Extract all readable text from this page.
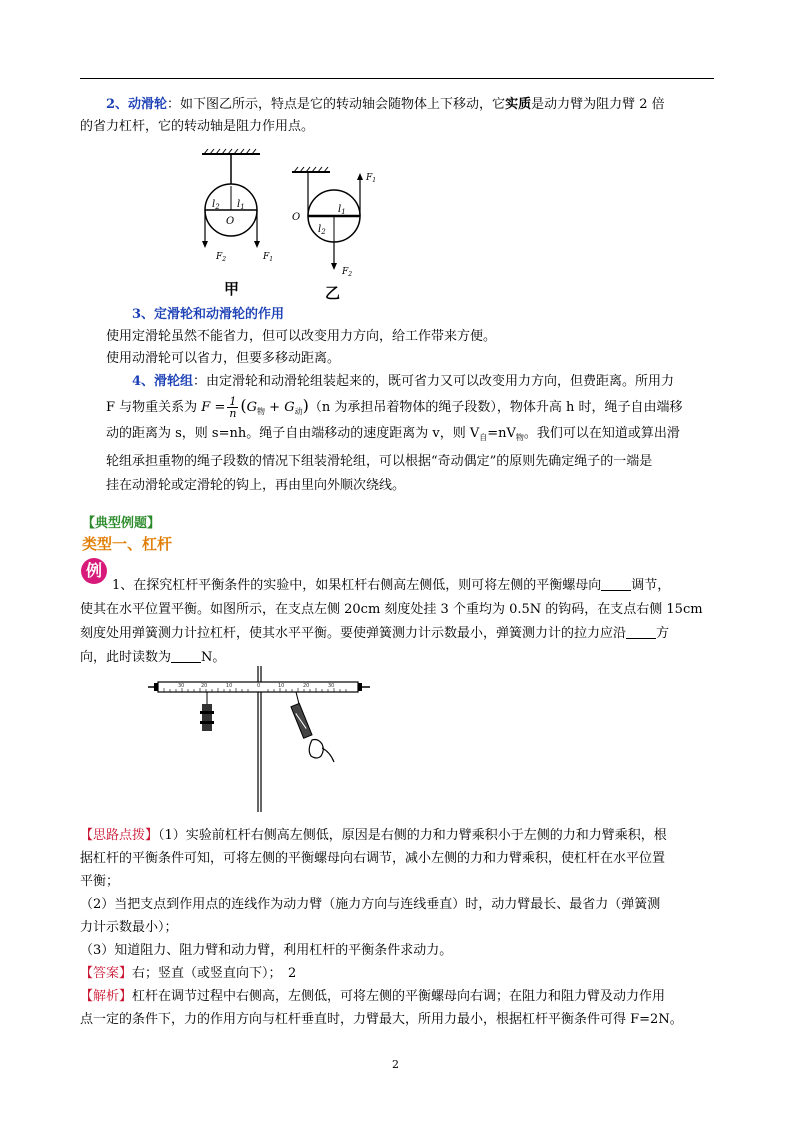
2、动滑轮：如下图乙所示，特点是它的转动轴会随物体上下移动，它实质是动力臂为阻力臂 2 倍
的省力杠杆，它的转动轴是阻力作用点。
$l_2$ $l_1$
O
$F_2$	$F_1$
甲
$F_1$
$l_1$
$l_2$
O
$F_2$
乙
3、定滑轮和动滑轮的作用
使用定滑轮虽然不能省力，但可以改变用力方向，给工作带来方便。
使用动滑轮可以省力，但要多移动距离。
4、滑轮组：由定滑轮和动滑轮组装起来的，既可省力又可以改变用力方向，但费距离。所用力
F 与物重关系为 $F = \frac{1}{n} (G_物 + G_动)(n$ 为承担吊着物体的绳子段数），物体升高 h 时，绳子自由端移
动的距离为 s，则 s=nh。绳子自由端移动的速度距离为 v，则 $V_自=nV_物$。我们可以在知道或算出滑
轮组承担重物的绳子段数的情况下组装滑轮组，可以根据“奇动偶定”的原则先确定绳子的一端是
挂在动滑轮或定滑轮的钩上，再由里向外顺次绕线。
【典型例题】
类型一、杠杆
例
1、在探究杠杆平衡条件的实验中，如果杠杆右侧高左侧低，则可将左侧的平衡螺母向 调节，
使其在水平位置平衡。如图所示，在支点左侧 20cm 刻度处挂 3 个重均为 0.5N 的钩码，在支点右侧 15cm
刻度处用弹簧测力计拉杠杆，使其水平平衡。要使弹簧测力计示数最小，弹簧测力计的拉力应沿 方
向，此时读数为 N。
30	20	10	0	10	20	30
【思路点拨】（1）实验前杠杆右侧高左侧低，原因是右侧的力和力臂乘积小于左侧的力和力臂乘积，根
据杠杆的平衡条件可知，可将左侧的平衡螺母向右调节，减小左侧的力和力臂乘积，使杠杆在水平位置
平衡；
（2）当把支点到作用点的连线作为动力臂（施力方向与连线垂直）时，动力臂最长、最省力（弹簧测
力计示数最小）；
（3）知道阻力、阻力臂和动力臂，利用杠杆的平衡条件求动力。
【答案】右；竖直（或竖直向下）；　2
【解析】杠杆在调节过程中右侧高，左侧低，可将左侧的平衡螺母向右调；在阻力和阻力臂及动力作用
点一定的条件下，力的作用方向与杠杆垂直时，力臂最大，所用力最小，根据杠杆平衡条件可得 F=2N。
2
